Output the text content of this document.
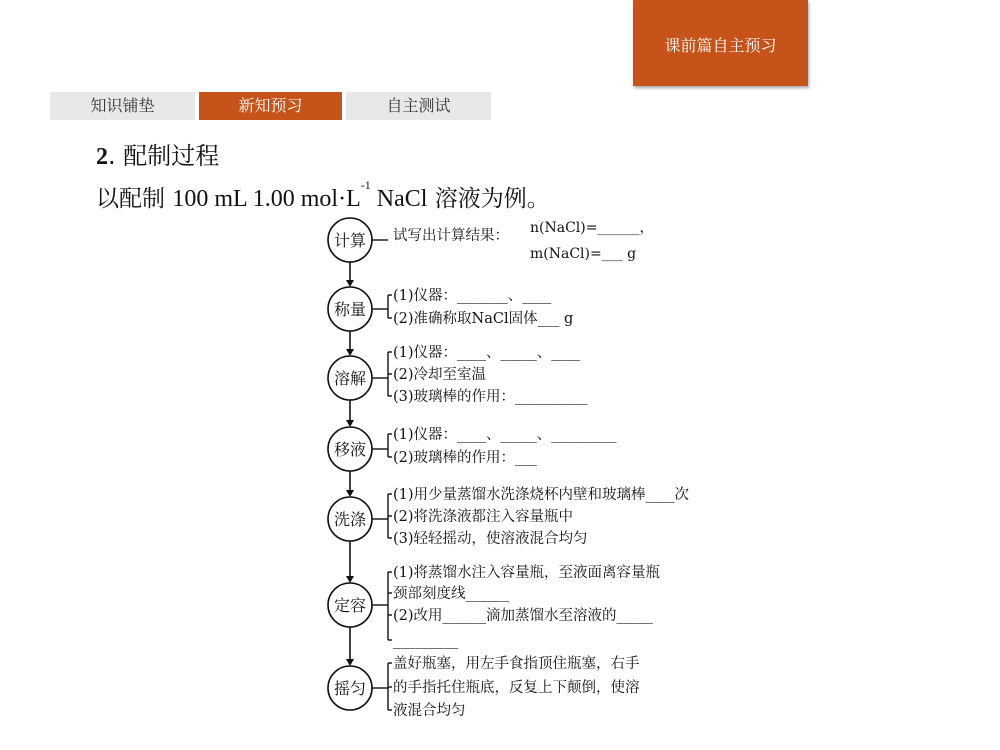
课前篇自主预习
知识铺垫	新知预习	自主测试
2. 配制过程
以配制 100 mL 1.00 $mol\cdot L^{-1}$ NaCl 溶液为例。
计算 试写出计算结果： n(NaCl)=______，
m(NaCl)=___ g
称量
(1)仪器：_______、____
(2)准确称取NaCl固体___ g
溶解
(1)仪器：____、_____、____
(2)冷却至室温
(3)玻璃棒的作用：__________
移液
(1)仪器：____、_____、_________
(2)玻璃棒的作用：___
洗涤
(1)用少量蒸馏水洗涤烧杯内壁和玻璃棒____次
(2)将洗涤液都注入容量瓶中
(3)轻轻摇动，使溶液混合均匀
定容
(1)将蒸馏水注入容量瓶，至液面离容量瓶
颈部刻度线______
(2)改用______滴加蒸馏水至溶液的_____
_________
摇匀
盖好瓶塞，用左手食指顶住瓶塞，右手
的手指托住瓶底，反复上下颠倒，使溶
液混合均匀
